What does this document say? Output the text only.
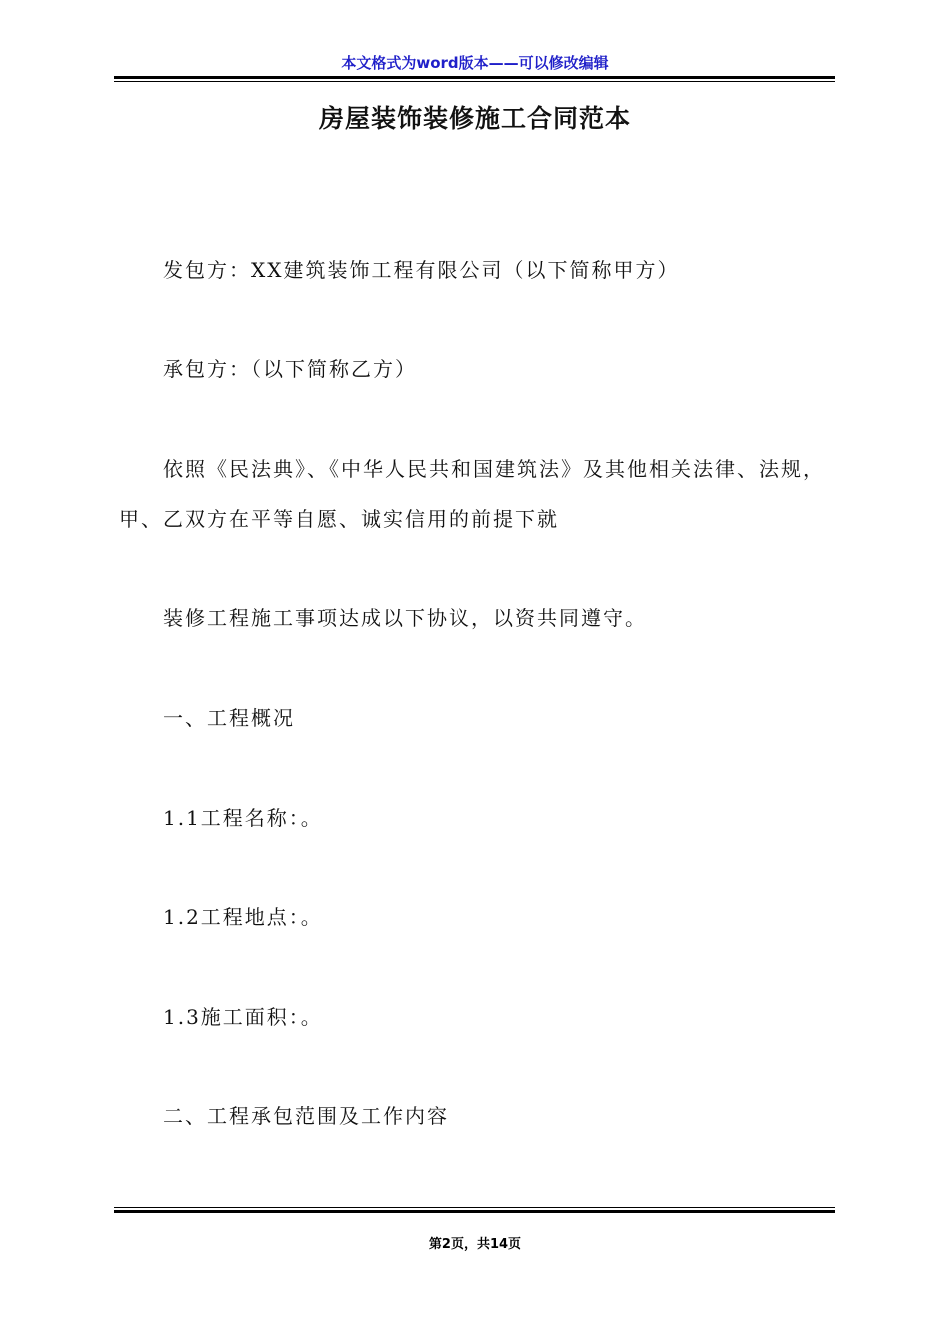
本文格式为word版本——可以修改编辑
房屋装饰装修施工合同范本
发包方：XX建筑装饰工程有限公司（以下简称甲方）
承包方：（以下简称乙方）
依照《民法典》、《中华人民共和国建筑法》及其他相关法律、法规，甲、乙双方在平等自愿、诚实信用的前提下就
装修工程施工事项达成以下协议，以资共同遵守。
一、工程概况
1.1工程名称：。
1.2工程地点：。
1.3施工面积：。
二、工程承包范围及工作内容
第2页，共14页
